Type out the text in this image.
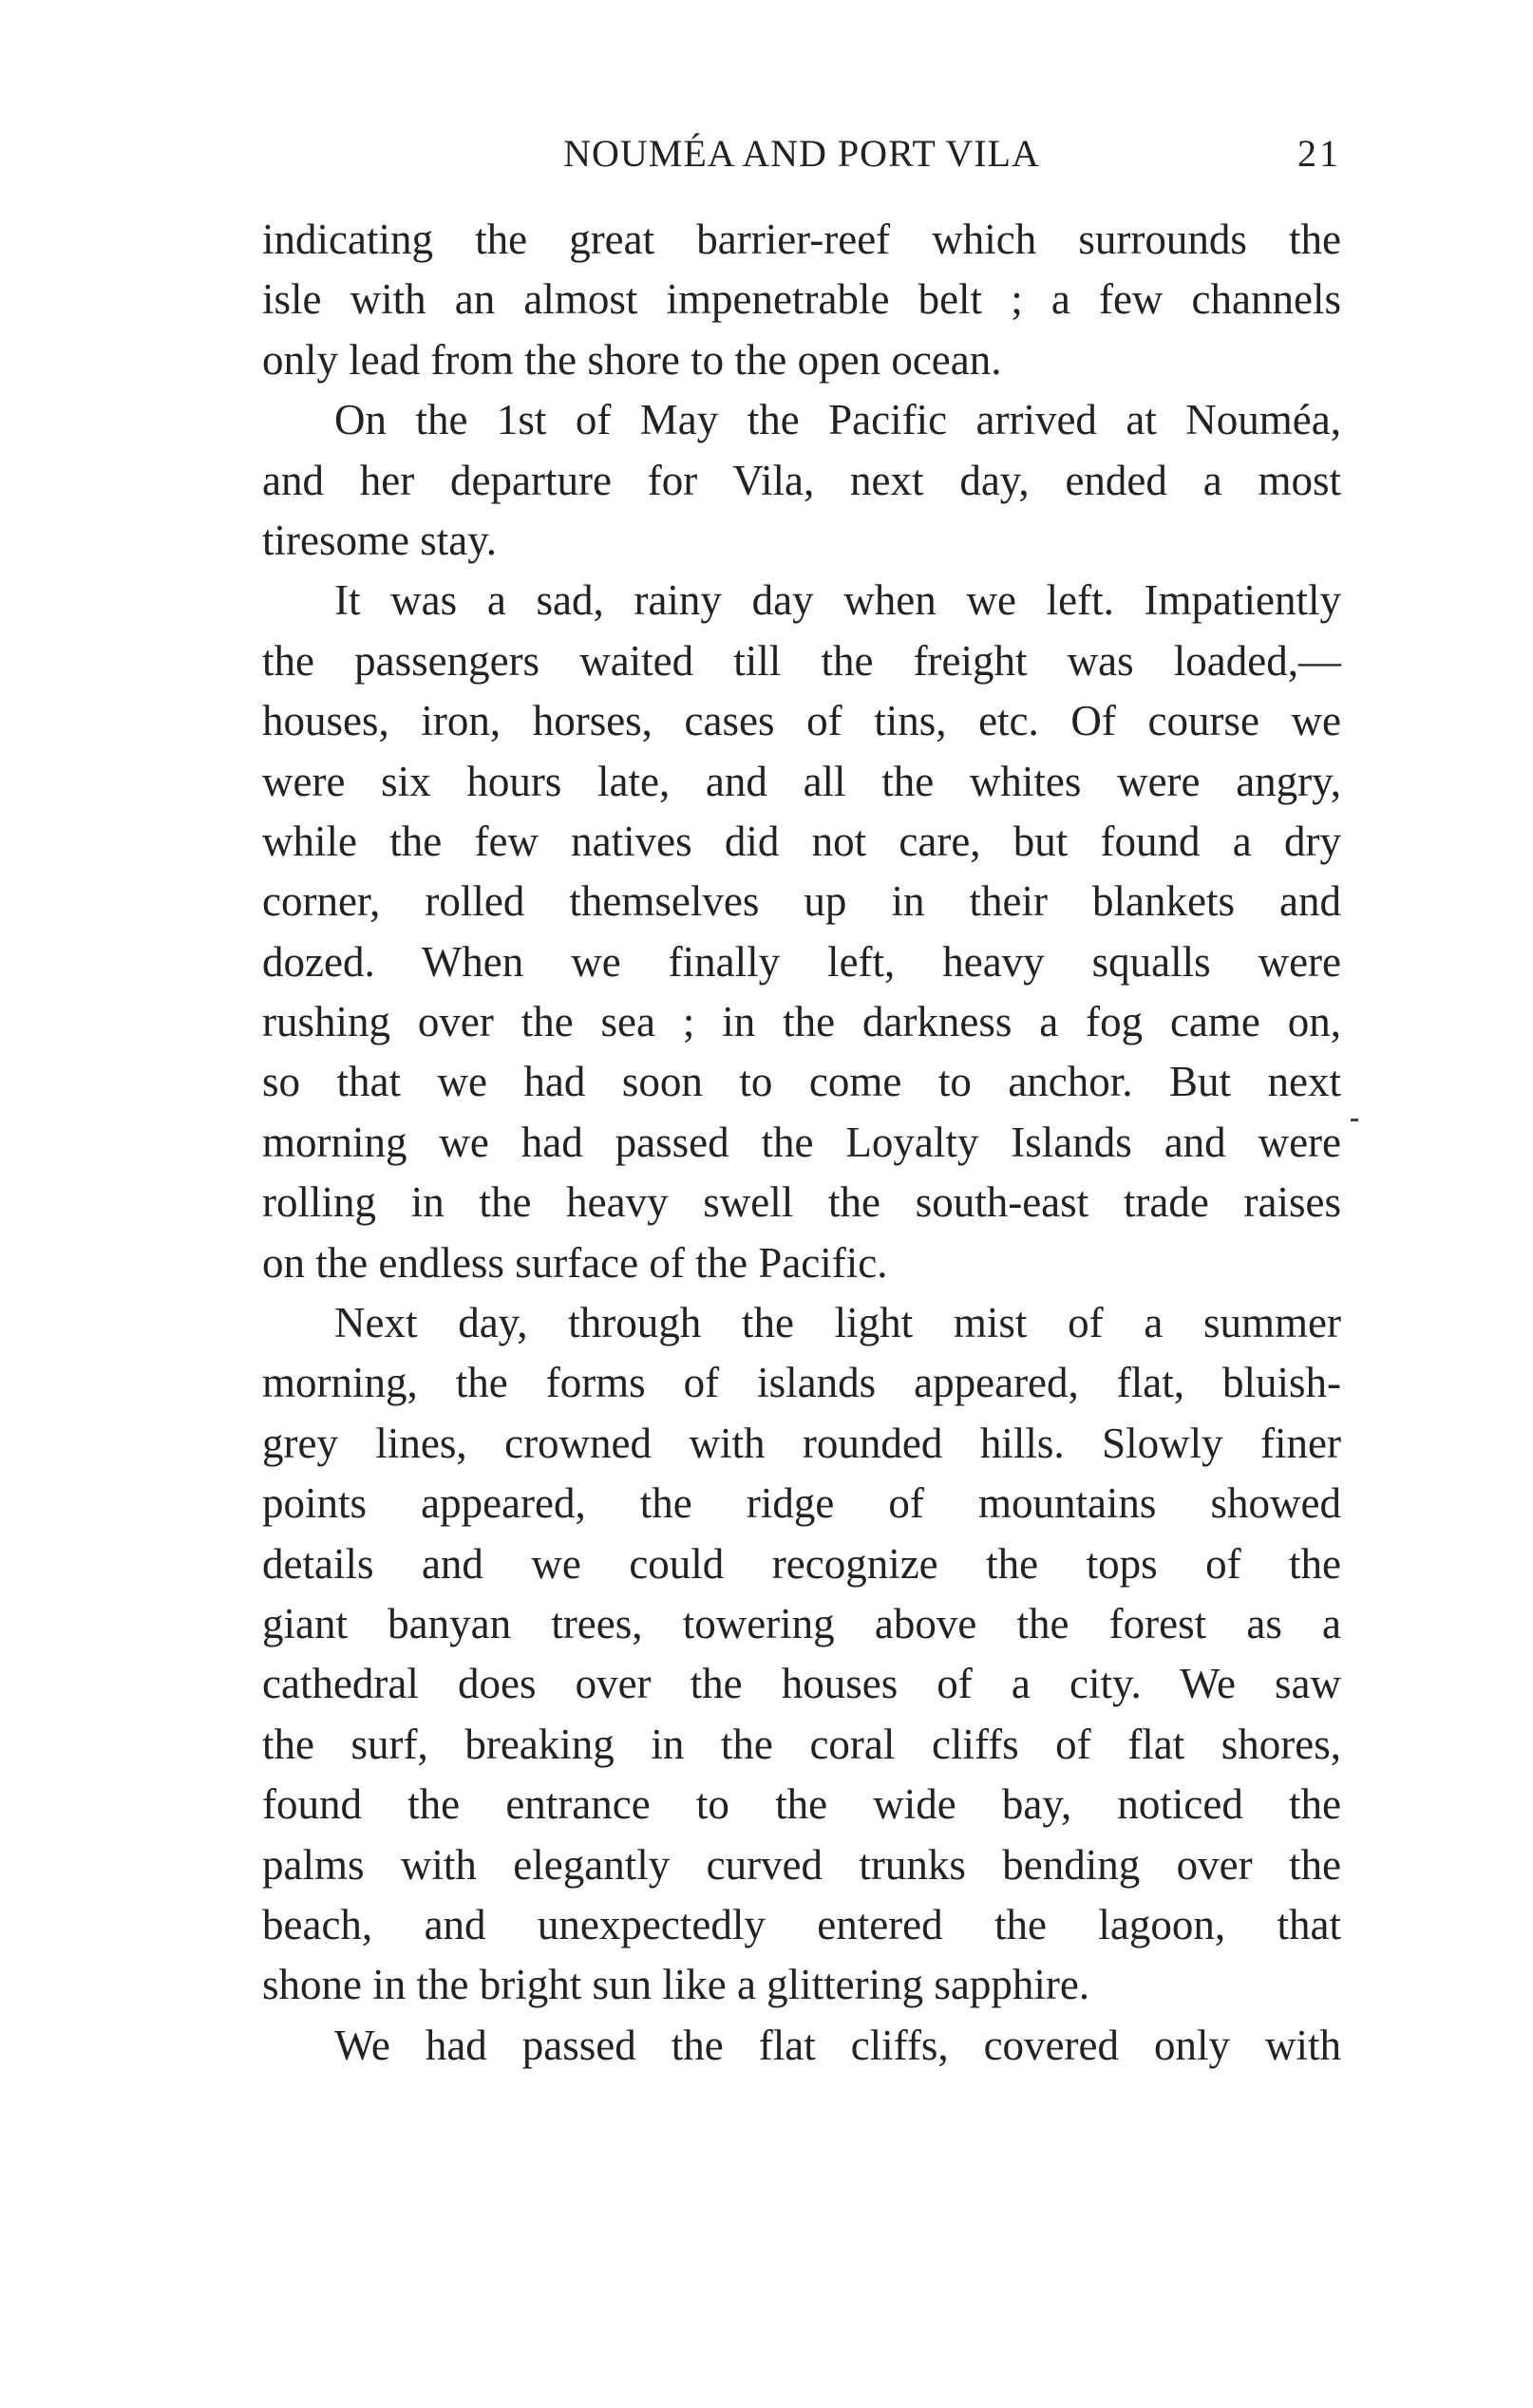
NOUMÉA AND PORT VILA	21

indicating the great barrier-reef which surrounds the
isle with an almost impenetrable belt ; a few channels
only lead from the shore to the open ocean.

On the 1st of May the Pacific arrived at Nouméa,
and her departure for Vila, next day, ended a most
tiresome stay.

It was a sad, rainy day when we left. Impatiently
the passengers waited till the freight was loaded,—
houses, iron, horses, cases of tins, etc. Of course we
were six hours late, and all the whites were angry,
while the few natives did not care, but found a dry
corner, rolled themselves up in their blankets and
dozed. When we finally left, heavy squalls were
rushing over the sea ; in the darkness a fog came on,
so that we had soon to come to anchor. But next
morning we had passed the Loyalty Islands and were
rolling in the heavy swell the south-east trade raises
on the endless surface of the Pacific.

Next day, through the light mist of a summer
morning, the forms of islands appeared, flat, bluish-
grey lines, crowned with rounded hills. Slowly finer
points appeared, the ridge of mountains showed
details and we could recognize the tops of the
giant banyan trees, towering above the forest as a
cathedral does over the houses of a city. We saw
the surf, breaking in the coral cliffs of flat shores,
found the entrance to the wide bay, noticed the
palms with elegantly curved trunks bending over the
beach, and unexpectedly entered the lagoon, that
shone in the bright sun like a glittering sapphire.

We had passed the flat cliffs, covered only with
